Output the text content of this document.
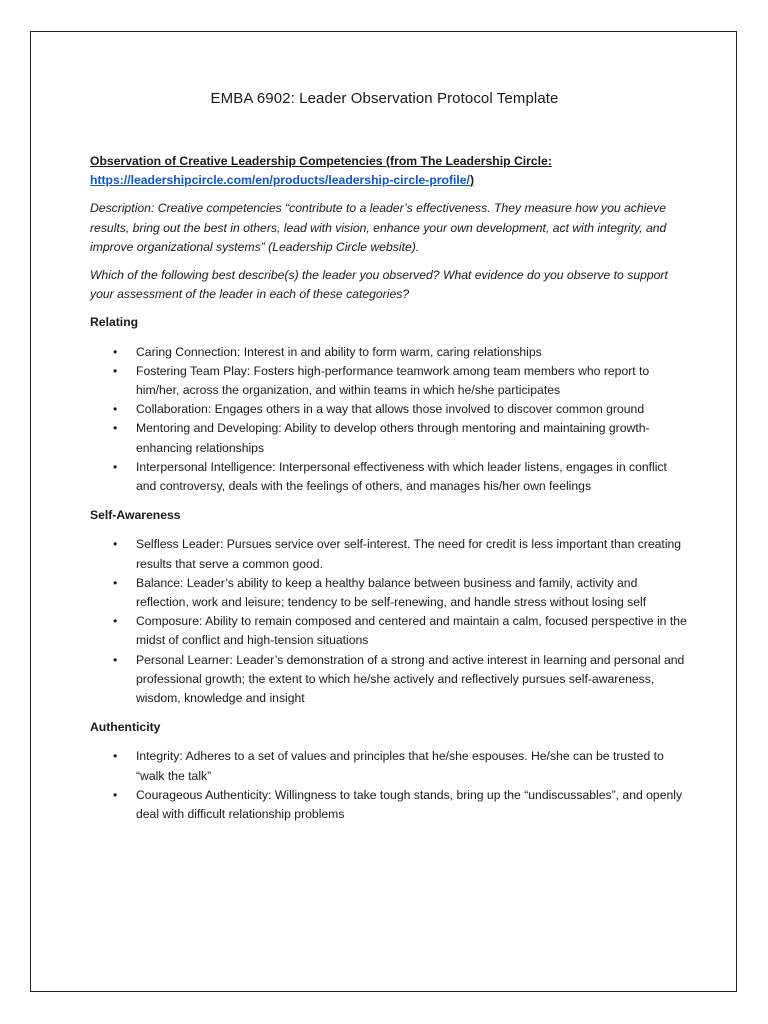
EMBA 6902: Leader Observation Protocol Template

Observation of Creative Leadership Competencies (from The Leadership Circle:
https://leadershipcircle.com/en/products/leadership-circle-profile/)

Description: Creative competencies “contribute to a leader’s effectiveness. They measure how you achieve results, bring out the best in others, lead with vision, enhance your own development, act with integrity, and improve organizational systems” (Leadership Circle website).

Which of the following best describe(s) the leader you observed? What evidence do you observe to support your assessment of the leader in each of these categories?

Relating

• Caring Connection: Interest in and ability to form warm, caring relationships
• Fostering Team Play: Fosters high-performance teamwork among team members who report to him/her, across the organization, and within teams in which he/she participates
• Collaboration: Engages others in a way that allows those involved to discover common ground
• Mentoring and Developing: Ability to develop others through mentoring and maintaining growth-enhancing relationships
• Interpersonal Intelligence: Interpersonal effectiveness with which leader listens, engages in conflict and controversy, deals with the feelings of others, and manages his/her own feelings

Self-Awareness

• Selfless Leader: Pursues service over self-interest. The need for credit is less important than creating results that serve a common good.
• Balance: Leader’s ability to keep a healthy balance between business and family, activity and reflection, work and leisure; tendency to be self-renewing, and handle stress without losing self
• Composure: Ability to remain composed and centered and maintain a calm, focused perspective in the midst of conflict and high-tension situations
• Personal Learner: Leader’s demonstration of a strong and active interest in learning and personal and professional growth; the extent to which he/she actively and reflectively pursues self-awareness, wisdom, knowledge and insight

Authenticity

• Integrity: Adheres to a set of values and principles that he/she espouses. He/she can be trusted to “walk the talk”
• Courageous Authenticity: Willingness to take tough stands, bring up the “undiscussables”, and openly deal with difficult relationship problems
